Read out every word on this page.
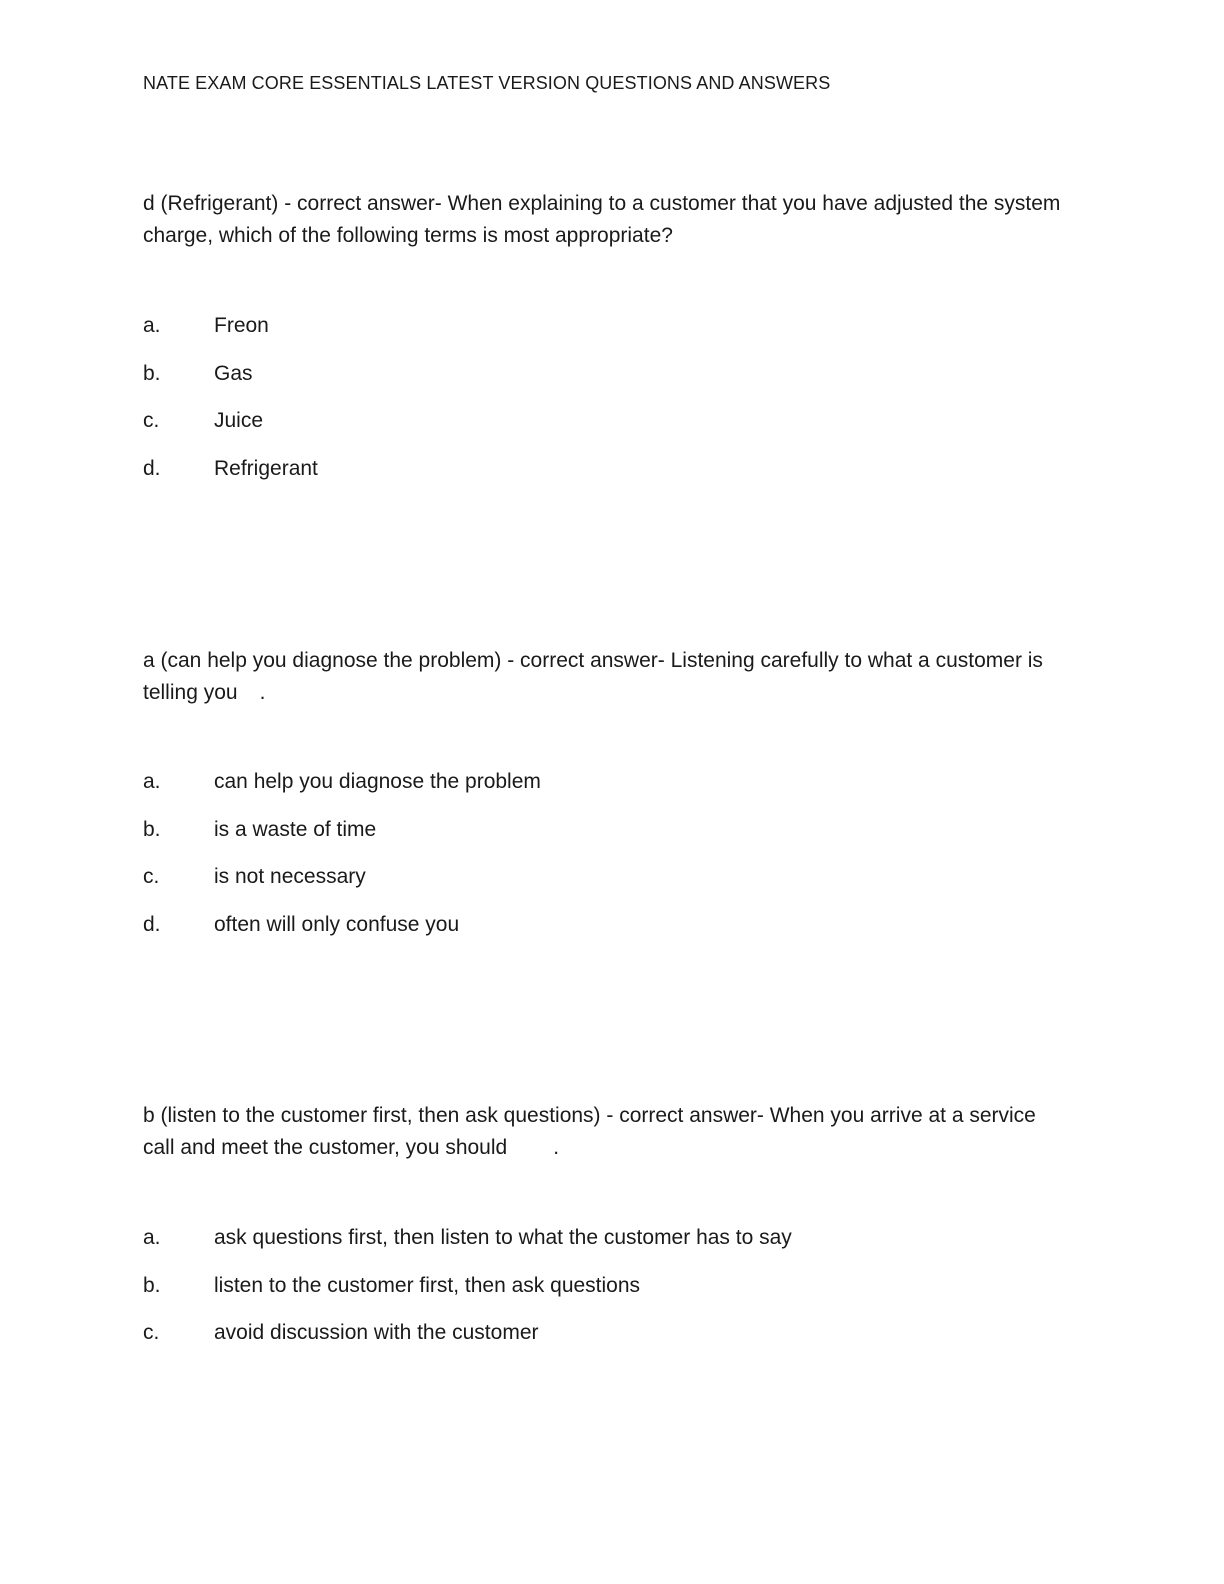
NATE EXAM CORE ESSENTIALS LATEST VERSION QUESTIONS AND ANSWERS
d (Refrigerant) - correct answer- When explaining to a customer that you have adjusted the system charge, which of the following terms is most appropriate?
a.	Freon
b.	Gas
c.	Juice
d.	Refrigerant
a (can help you diagnose the problem) - correct answer- Listening carefully to what a customer is telling you .
a.	can help you diagnose the problem
b.	is a waste of time
c.	is not necessary
d.	often will only confuse you
b (listen to the customer first, then ask questions) - correct answer- When you arrive at a service call and meet the customer, you should .
a.	ask questions first, then listen to what the customer has to say
b.	listen to the customer first, then ask questions
c.	avoid discussion with the customer
